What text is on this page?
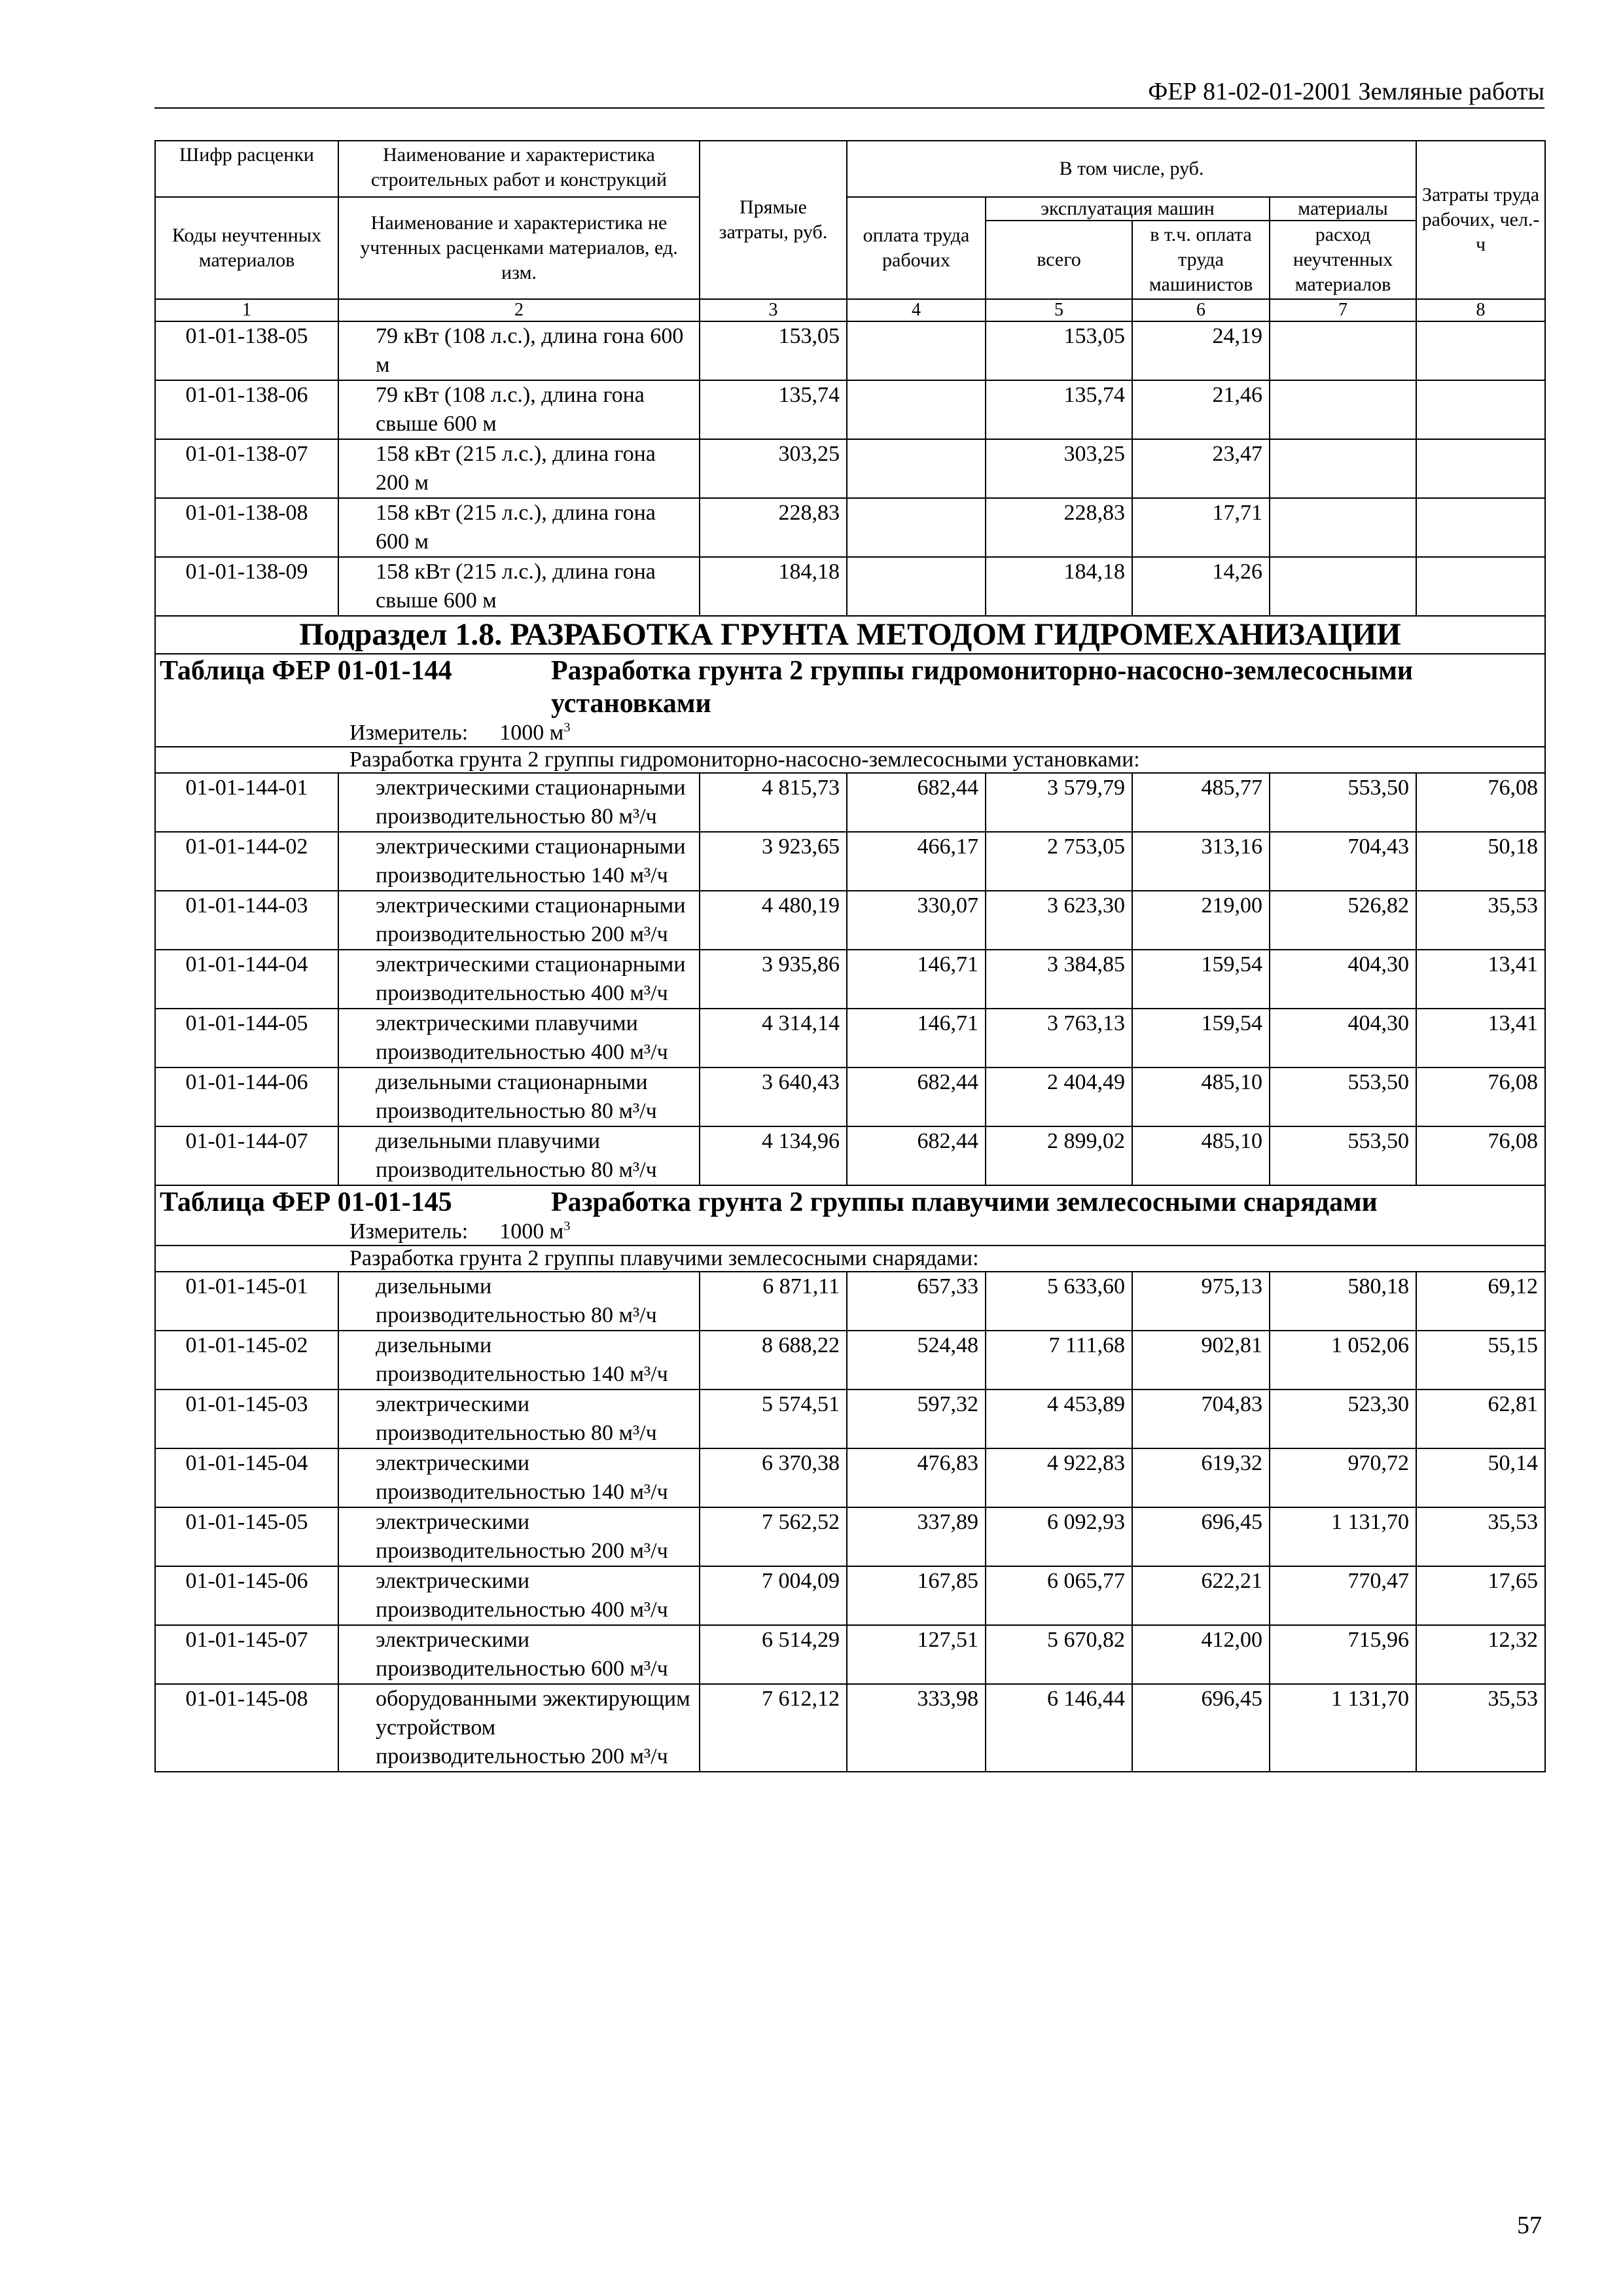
ФЕР 81-02-01-2001 Земляные работы
Шифр расценки	Наименование и характеристика строительных работ и конструкций	Прямые затраты, руб.	В том числе, руб.				Затраты труда рабочих, чел.-ч
Коды неучтенных материалов	Наименование и характеристика не учтенных расценками материалов, ед. изм.		оплата труда рабочих	эксплуатация машин		материалы	
				всего	в т.ч. оплата труда машинистов	расход неучтенных материалов	

1	2	3	4	5	6	7	8
01-01-138-05	79 кВт (108 л.с.), длина гона 600 м	153,05		153,05	24,19		
01-01-138-06	79 кВт (108 л.с.), длина гона свыше 600 м	135,74		135,74	21,46		
01-01-138-07	158 кВт (215 л.с.), длина гона 200 м	303,25		303,25	23,47		
01-01-138-08	158 кВт (215 л.с.), длина гона 600 м	228,83		228,83	17,71		
01-01-138-09	158 кВт (215 л.с.), длина гона свыше 600 м	184,18		184,18	14,26		
Подраздел 1.8. РАЗРАБОТКА ГРУНТА МЕТОДОМ ГИДРОМЕХАНИЗАЦИИ							
Таблица ФЕР 01-01-144 Разработка грунта 2 группы гидромониторно-насосно-землесосными установками							
Измеритель: 1000 $м^3$
Разработка грунта 2 группы гидромониторно-насосно-землесосными установками:							
01-01-144-01	электрическими стационарными производительностью 80 м³/ч	4 815,73	682,44	3 579,79	485,77	553,50	76,08
01-01-144-02	электрическими стационарными производительностью 140 м³/ч	3 923,65	466,17	2 753,05	313,16	704,43	50,18
01-01-144-03	электрическими стационарными производительностью 200 м³/ч	4 480,19	330,07	3 623,30	219,00	526,82	35,53
01-01-144-04	электрическими стационарными производительностью 400 м³/ч	3 935,86	146,71	3 384,85	159,54	404,30	13,41
01-01-144-05	электрическими плавучими производительностью 400 м³/ч	4 314,14	146,71	3 763,13	159,54	404,30	13,41
01-01-144-06	дизельными стационарными производительностью 80 м³/ч	3 640,43	682,44	2 404,49	485,10	553,50	76,08
01-01-144-07	дизельными плавучими производительностью 80 м³/ч	4 134,96	682,44	2 899,02	485,10	553,50	76,08
Таблица ФЕР 01-01-145 Разработка грунта 2 группы плавучими землесосными снарядами							
Измеритель: 1000 $м^3$
Разработка грунта 2 группы плавучими землесосными снарядами:							
01-01-145-01	дизельными производительностью 80 м³/ч	6 871,11	657,33	5 633,60	975,13	580,18	69,12
01-01-145-02	дизельными производительностью 140 м³/ч	8 688,22	524,48	7 111,68	902,81	1 052,06	55,15
01-01-145-03	электрическими производительностью 80 м³/ч	5 574,51	597,32	4 453,89	704,83	523,30	62,81
01-01-145-04	электрическими производительностью 140 м³/ч	6 370,38	476,83	4 922,83	619,32	970,72	50,14
01-01-145-05	электрическими производительностью 200 м³/ч	7 562,52	337,89	6 092,93	696,45	1 131,70	35,53
01-01-145-06	электрическими производительностью 400 м³/ч	7 004,09	167,85	6 065,77	622,21	770,47	17,65
01-01-145-07	электрическими производительностью 600 м³/ч	6 514,29	127,51	5 670,82	412,00	715,96	12,32
01-01-145-08	оборудованными эжектирующим устройством производительностью 200 м³/ч	7 612,12	333,98	6 146,44	696,45	1 131,70	35,53
57
